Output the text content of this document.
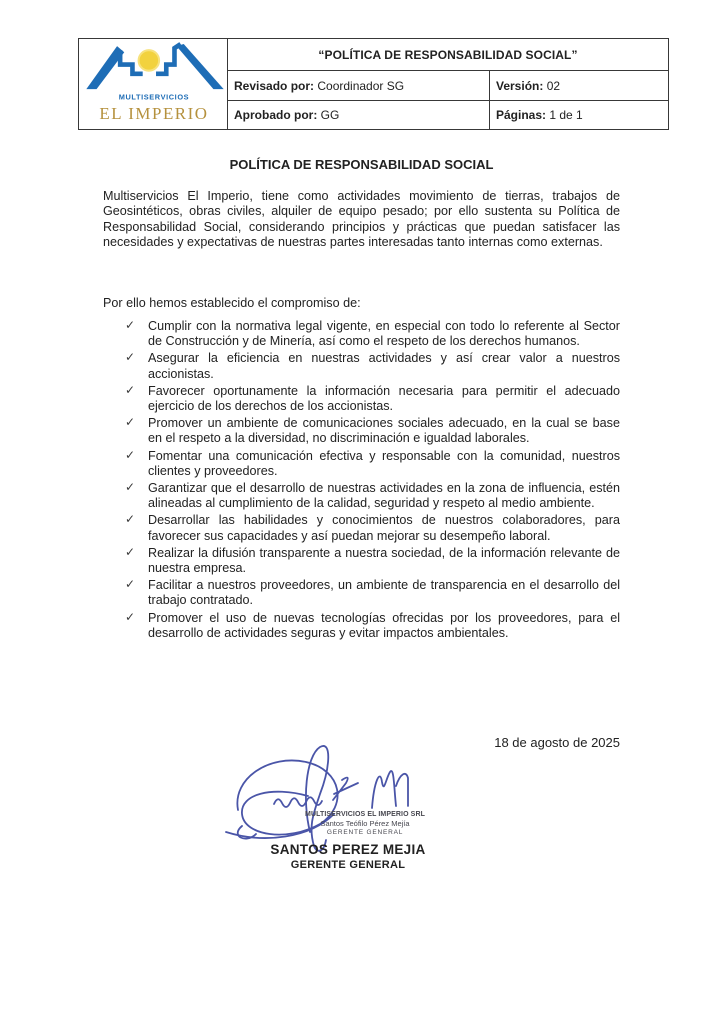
MULTISERVICIOS
EL IMPERIO	“POLÍTICA DE RESPONSABILIDAD SOCIAL”	
	Revisado por: Coordinador SG	Versión: 02
	Aprobado por: GG	Páginas: 1 de 1
POLÍTICA DE RESPONSABILIDAD SOCIAL
Multiservicios El Imperio, tiene como actividades movimiento de tierras, trabajos de Geosintéticos, obras civiles, alquiler de equipo pesado; por ello sustenta su Política de Responsabilidad Social, considerando principios y prácticas que puedan satisfacer las necesidades y expectativas de nuestras partes interesadas tanto internas como externas.
Por ello hemos establecido el compromiso de:
✓ Cumplir con la normativa legal vigente, en especial con todo lo referente al Sector de Construcción y de Minería, así como el respeto de los derechos humanos.
✓ Asegurar la eficiencia en nuestras actividades y así crear valor a nuestros accionistas.
✓ Favorecer oportunamente la información necesaria para permitir el adecuado ejercicio de los derechos de los accionistas.
✓ Promover un ambiente de comunicaciones sociales adecuado, en la cual se base en el respeto a la diversidad, no discriminación e igualdad laborales.
✓ Fomentar una comunicación efectiva y responsable con la comunidad, nuestros clientes y proveedores.
✓ Garantizar que el desarrollo de nuestras actividades en la zona de influencia, estén alineadas al cumplimiento de la calidad, seguridad y respeto al medio ambiente.
✓ Desarrollar las habilidades y conocimientos de nuestros colaboradores, para favorecer sus capacidades y así puedan mejorar su desempeño laboral.
✓ Realizar la difusión transparente a nuestra sociedad, de la información relevante de nuestra empresa.
✓ Facilitar a nuestros proveedores, un ambiente de transparencia en el desarrollo del trabajo contratado.
✓ Promover el uso de nuevas tecnologías ofrecidas por los proveedores, para el desarrollo de actividades seguras y evitar impactos ambientales.
18 de agosto de 2025
MULTISERVICIOS EL IMPERIO SRL
Santos Teófilo Pérez Mejía
GERENTE GENERAL
SANTOS PEREZ MEJIA
GERENTE GENERAL
